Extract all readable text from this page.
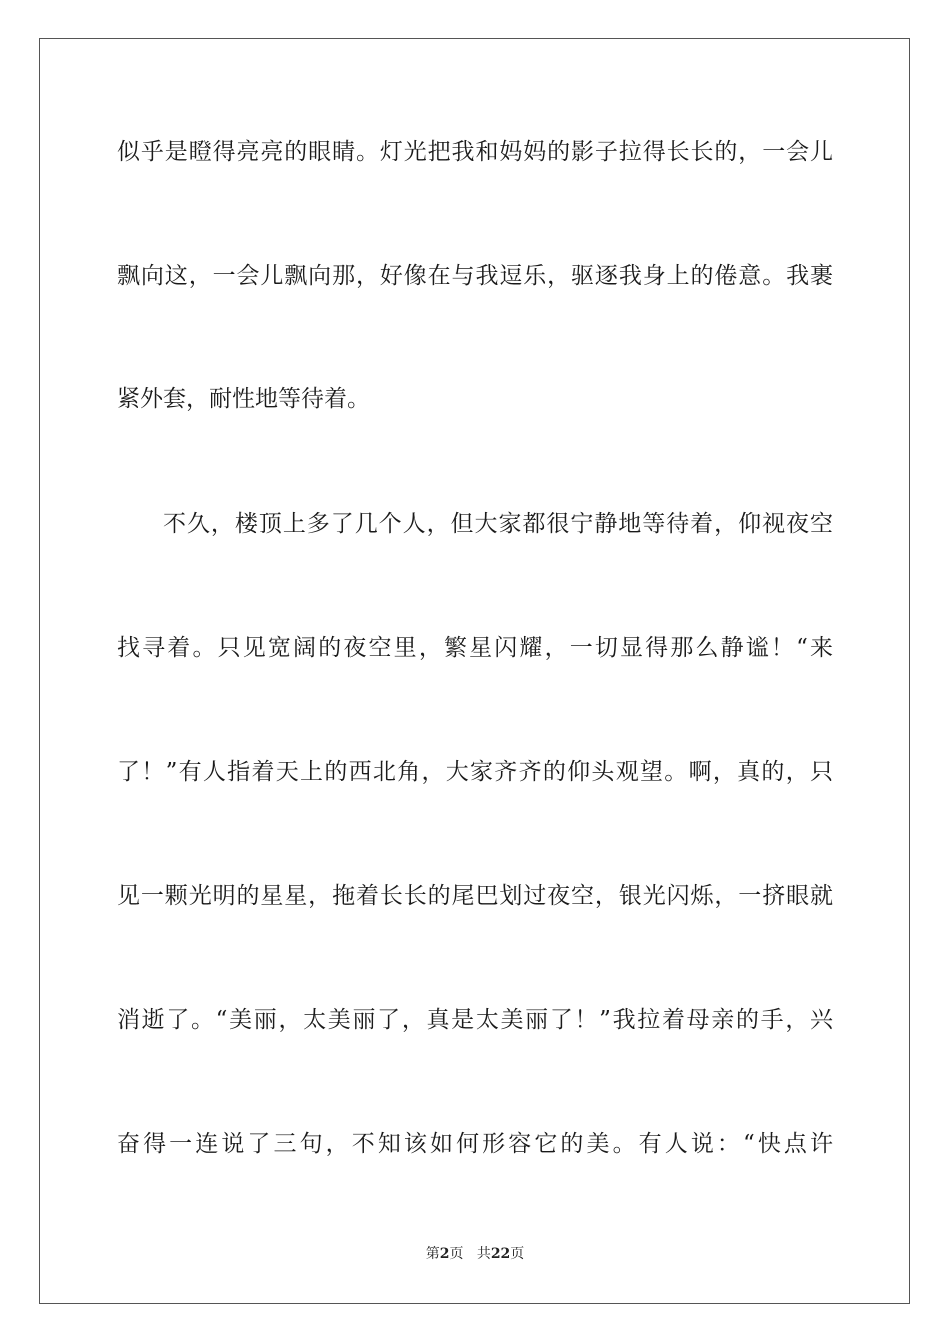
似乎是瞪得亮亮的眼睛。灯光把我和妈妈的影子拉得长长的，一会儿
飘向这，一会儿飘向那，好像在与我逗乐，驱逐我身上的倦意。我裹
紧外套，耐性地等待着。
不久，楼顶上多了几个人，但大家都很宁静地等待着，仰视夜空
找寻着。只见宽阔的夜空里，繁星闪耀，一切显得那么静谧！“来
了！”有人指着天上的西北角，大家齐齐的仰头观望。啊，真的，只
见一颗光明的星星，拖着长长的尾巴划过夜空，银光闪烁，一挤眼就
消逝了。“美丽，太美丽了，真是太美丽了！”我拉着母亲的手，兴
奋得一连说了三句，不知该如何形容它的美。有人说：“快点许
第2页 共22页
